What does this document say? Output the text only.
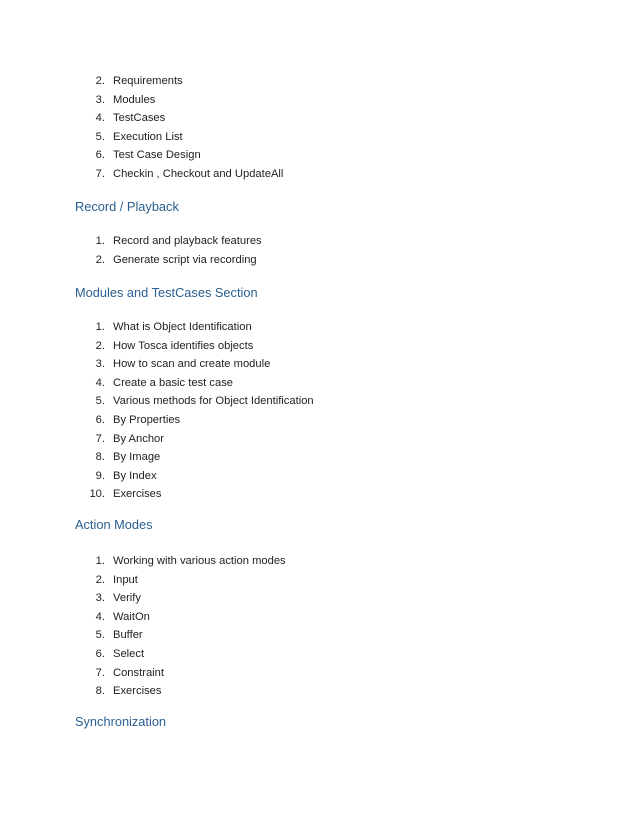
2. Requirements
3. Modules
4. TestCases
5. Execution List
6. Test Case Design
7. Checkin , Checkout and UpdateAll
Record / Playback
1. Record and playback features
2. Generate script via recording
Modules and TestCases Section
1. What is Object Identification
2. How Tosca identifies objects
3. How to scan and create module
4. Create a basic test case
5. Various methods for Object Identification
6. By Properties
7. By Anchor
8. By Image
9. By Index
10. Exercises
Action Modes
1. Working with various action modes
2. Input
3. Verify
4. WaitOn
5. Buffer
6. Select
7. Constraint
8. Exercises
Synchronization
